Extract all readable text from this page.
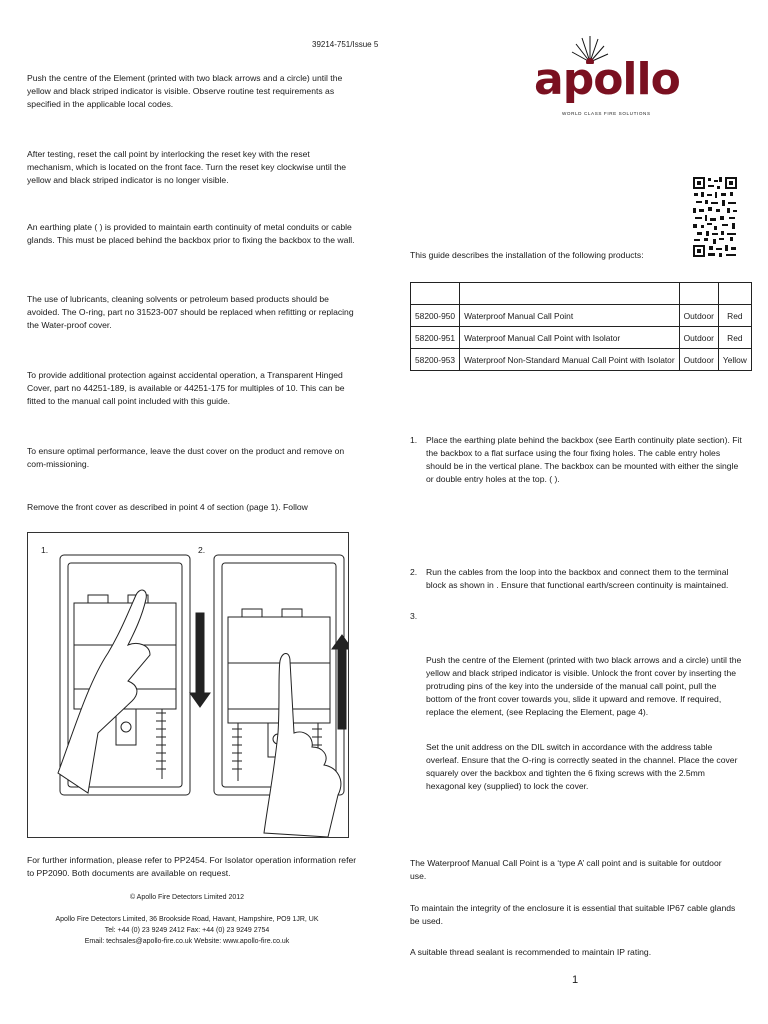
39214-751/Issue 5
apollo
WORLD CLASS FIRE SOLUTIONS

Push the centre of the Element (printed with two black arrows and a circle) until the yellow and black striped indicator is visible. Observe routine test requirements as specified in the applicable local codes.

After testing, reset the call point by interlocking the reset key with the reset mechanism, which is located on the front face. Turn the reset key clockwise until the yellow and black striped indicator is no longer visible.

An earthing plate ( ) is provided to maintain earth continuity of metal conduits or cable glands. This must be placed behind the backbox prior to fixing the backbox to the wall.

The use of lubricants, cleaning solvents or petroleum based products should be avoided. The O-ring, part no 31523-007 should be replaced when refitting or replacing the Water-proof cover.

To provide additional protection against accidental operation, a Transparent Hinged Cover, part no 44251-189, is available or 44251-175 for multiples of 10. This can be fitted to the manual call point included with this guide.

To ensure optimal performance, leave the dust cover on the product and remove on com-missioning.

Remove the front cover as described in point 4 of section (page 1). Follow

1.	2.

For further information, please refer to PP2454. For Isolator operation information refer to PP2090. Both documents are available on request.

© Apollo Fire Detectors Limited 2012
Apollo Fire Detectors Limited, 36 Brookside Road, Havant, Hampshire, PO9 1JR, UK
Tel: +44 (0) 23 9249 2412 Fax: +44 (0) 23 9249 2754
Email: techsales@apollo-fire.co.uk Website: www.apollo-fire.co.uk

This guide describes the installation of the following products:

58200-950	Waterproof Manual Call Point	Outdoor	Red
58200-951	Waterproof Manual Call Point with Isolator	Outdoor	Red
58200-953	Waterproof Non-Standard Manual Call Point with Isolator	Outdoor	Yellow
1. Place the earthing plate behind the backbox (see Earth continuity plate section). Fit the backbox to a flat surface using the four fixing holes. The cable entry holes should be in the vertical plane. The backbox can be mounted with either the single or double entry holes at the top. ( ).

2. Run the cables from the loop into the backbox and connect them to the terminal block as shown in . Ensure that functional earth/screen continuity is maintained.

3.

Push the centre of the Element (printed with two black arrows and a circle) until the yellow and black striped indicator is visible. Unlock the front cover by inserting the protruding pins of the key into the underside of the manual call point, pull the bottom of the front cover towards you, slide it upward and remove. If required, replace the element, (see Replacing the Element, page 4).

Set the unit address on the DIL switch in accordance with the address table overleaf. Ensure that the O-ring is correctly seated in the channel. Place the cover squarely over the backbox and tighten the 6 fixing screws with the 2.5mm hexagonal key (supplied) to lock the cover.

The Waterproof Manual Call Point is a ‘type A’ call point and is suitable for outdoor use.

To maintain the integrity of the enclosure it is essential that suitable IP67 cable glands be used.

A suitable thread sealant is recommended to maintain IP rating.

1
